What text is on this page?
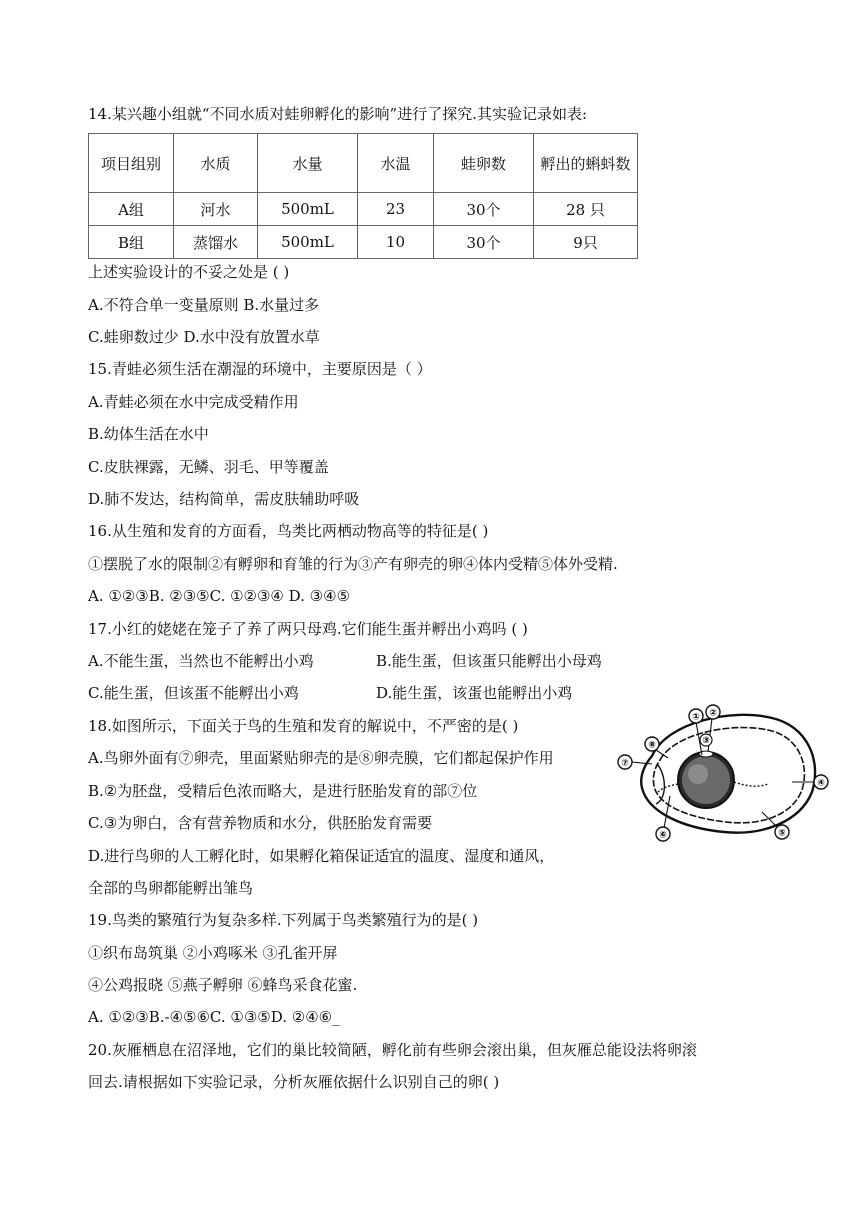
14.某兴趣小组就“不同水质对蛙卵孵化的影响”进行了探究.其实验记录如表:
项目组别	水质	水量	水温	蛙卵数	孵出的蝌蚪数
A组	河水	500mL	23	30个	28 只
B组	蒸馏水	500mL	10	30个	9只
上述实验设计的不妥之处是 ( )
A.不符合单一变量原则 B.水量过多
C.蛙卵数过少 D.水中没有放置水草
15.青蛙必须生活在潮湿的环境中，主要原因是（ ）
A.青蛙必须在水中完成受精作用
B.幼体生活在水中
C.皮肤裸露，无鳞、羽毛、甲等覆盖
D.肺不发达，结构简单，需皮肤辅助呼吸
16.从生殖和发育的方面看，鸟类比两栖动物高等的特征是( )
①摆脱了水的限制②有孵卵和育雏的行为③产有卵壳的卵④体内受精⑤体外受精.
A. ①②③B. ②③⑤C. ①②③④ D. ③④⑤
17.小红的姥姥在笼子了养了两只母鸡.它们能生蛋并孵出小鸡吗 ( )
A.不能生蛋，当然也不能孵出小鸡	B.能生蛋，但该蛋只能孵出小母鸡
C.能生蛋，但该蛋不能孵出小鸡	D.能生蛋，该蛋也能孵出小鸡
18.如图所示，下面关于鸟的生殖和发育的解说中，不严密的是( )
A.鸟卵外面有⑦卵壳，里面紧贴卵壳的是⑧卵壳膜，它们都起保护作用
B.②为胚盘，受精后色浓而略大，是进行胚胎发育的部⑦位
C.③为卵白，含有营养物质和水分，供胚胎发育需要
D.进行鸟卵的人工孵化时，如果孵化箱保证适宜的温度、湿度和通风，
全部的鸟卵都能孵出雏鸟
① ②
⑧
⑦
④
⑤
⑥
③
19.鸟类的繁殖行为复杂多样.下列属于鸟类繁殖行为的是( )
①织布岛筑巢 ②小鸡啄米 ③孔雀开屏
④公鸡报晓 ⑤燕子孵卵 ⑥蜂鸟采食花蜜.
A. ①②③B.-④⑤⑥C. ①③⑤D. ②④⑥_
20.灰雁栖息在沼泽地，它们的巢比较简陋，孵化前有些卵会滚出巢，但灰雁总能设法将卵滚
回去.请根据如下实验记录，分析灰雁依据什么识别自己的卵( )
